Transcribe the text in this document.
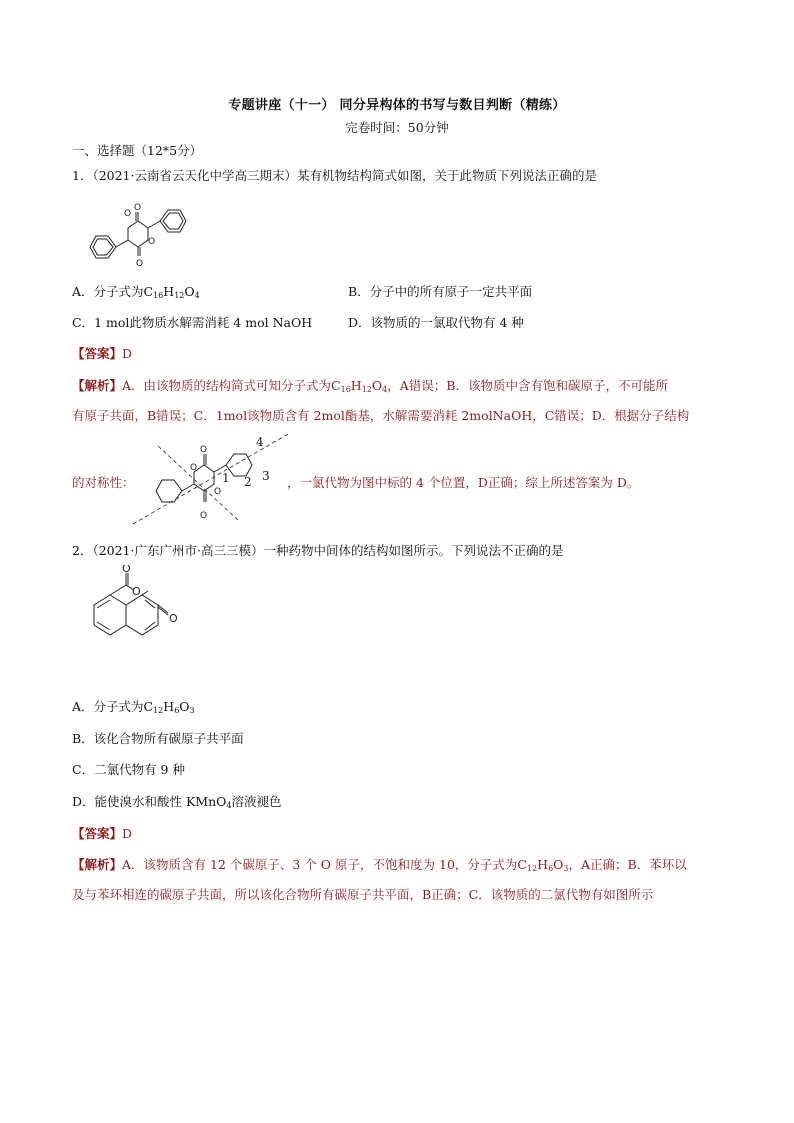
专题讲座（十一） 同分异构体的书写与数目判断（精练）
完卷时间：50分钟
一、选择题（12*5分）
1．（2021·云南省云天化中学高三期末）某有机物结构简式如图，关于此物质下列说法正确的是
O
O
O
O
A．分子式为$C_{16}H_{12}O_4$	B．分子中的所有原子一定共平面
C．1 mol此物质水解需消耗 4 mol NaOH	D．该物质的一氯取代物有 4 种
【答案】D
【解析】A．由该物质的结构简式可知分子式为$C_{16}H_{12}O_4$，A错误；B．该物质中含有饱和碳原子，不可能所
有原子共面，B错误；C．1mol该物质含有 2mol酯基，水解需要消耗 2molNaOH，C错误；D．根据分子结构
的对称性：
O
O
O
O
4
3
2
1	，一氯代物为图中标的 4 个位置，D正确；综上所述答案为 D。
2．（2021·广东广州市·高三三模）一种药物中间体的结构如图所示。下列说法不正确的是
O
O
O
A．分子式为$C_{12}H_6O_3$
B．该化合物所有碳原子共平面
C．二氯代物有 9 种
D．能使溴水和酸性 KMnO$_4$溶液褪色
【答案】D
【解析】A．该物质含有 12 个碳原子、3 个 O 原子，不饱和度为 10，分子式为$C_{12}H_6O_3$，A正确；B．苯环以
及与苯环相连的碳原子共面，所以该化合物所有碳原子共平面，B正确；C．该物质的二氯代物有如图所示
